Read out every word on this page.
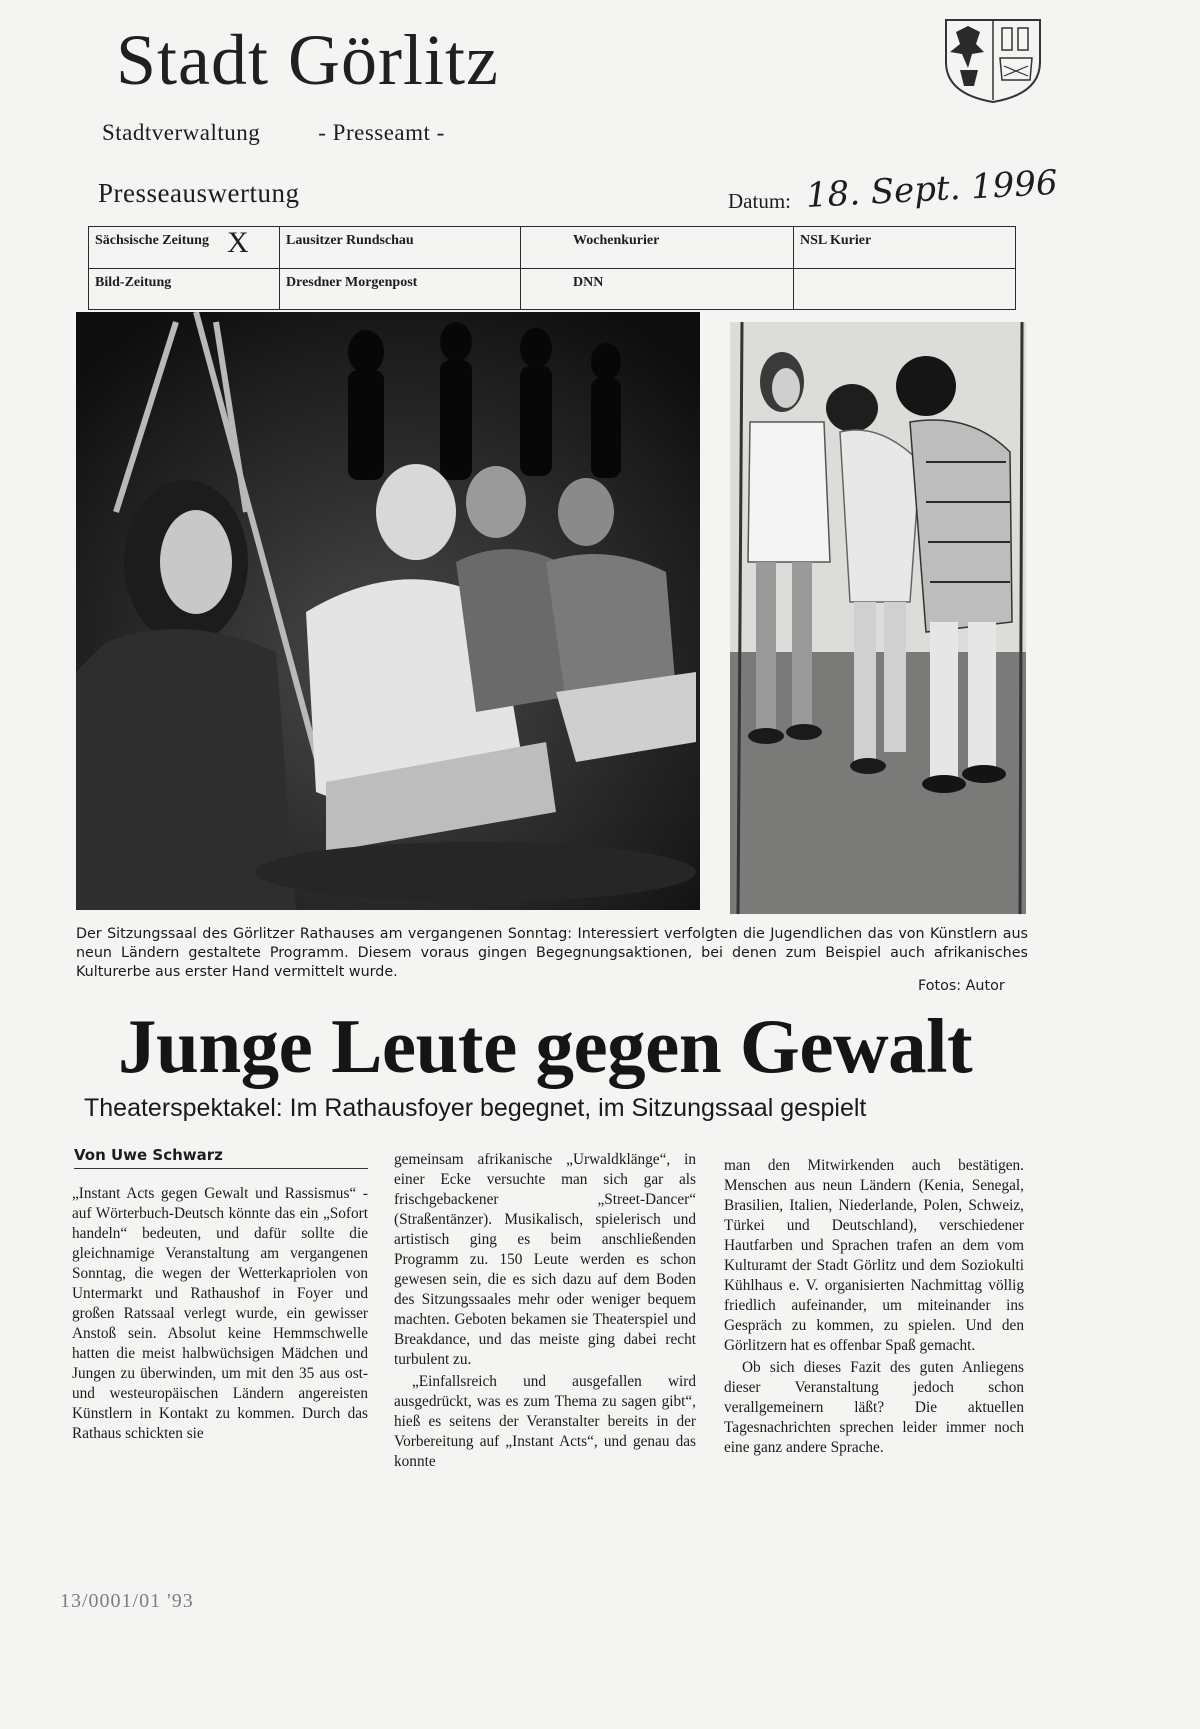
Stadt Görlitz
Stadtverwaltung	- Presseamt -
Presseauswertung	Datum: 18. Sept. 1996
Sächsische Zeitung X	Lausitzer Rundschau	Wochenkurier	NSL Kurier
Bild-Zeitung	Dresdner Morgenpost	DNN	
Der Sitzungssaal des Görlitzer Rathauses am vergangenen Sonntag: Interessiert verfolgten die Jugendlichen das von Künstlern aus neun Ländern gestaltete Programm. Diesem voraus gingen Begegnungsaktionen, bei denen zum Beispiel auch afrikanisches Kulturerbe aus erster Hand vermittelt wurde.
Fotos: Autor
Junge Leute gegen Gewalt
Theaterspektakel: Im Rathausfoyer begegnet, im Sitzungssaal gespielt
Von Uwe Schwarz

„Instant Acts gegen Gewalt und Rassismus“ - auf Wörterbuch-Deutsch könnte das ein „Sofort handeln“ bedeuten, und dafür sollte die gleichnamige Veranstaltung am vergangenen Sonntag, die wegen der Wetterkapriolen von Untermarkt und Rathaushof in Foyer und großen Ratssaal verlegt wurde, ein gewisser Anstoß sein. Absolut keine Hemmschwelle hatten die meist halbwüchsigen Mädchen und Jungen zu überwinden, um mit den 35 aus ost- und westeuropäischen Ländern angereisten Künstlern in Kontakt zu kommen. Durch das Rathaus schickten sie

gemeinsam afrikanische „Urwaldklänge“, in einer Ecke versuchte man sich gar als frischgebackener „Street-Dancer“ (Straßentänzer). Musikalisch, spielerisch und artistisch ging es beim anschließenden Programm zu. 150 Leute werden es schon gewesen sein, die es sich dazu auf dem Boden des Sitzungssaales mehr oder weniger bequem machten. Geboten bekamen sie Theaterspiel und Breakdance, und das meiste ging dabei recht turbulent zu.

„Einfallsreich und ausgefallen wird ausgedrückt, was es zum Thema zu sagen gibt“, hieß es seitens der Veranstalter bereits in der Vorbereitung auf „Instant Acts“, und genau das konnte

man den Mitwirkenden auch bestätigen. Menschen aus neun Ländern (Kenia, Senegal, Brasilien, Italien, Niederlande, Polen, Schweiz, Türkei und Deutschland), verschiedener Hautfarben und Sprachen trafen an dem vom Kulturamt der Stadt Görlitz und dem Soziokulti Kühlhaus e. V. organisierten Nachmittag völlig friedlich aufeinander, um miteinander ins Gespräch zu kommen, zu spielen. Und den Görlitzern hat es offenbar Spaß gemacht.

Ob sich dieses Fazit des guten Anliegens dieser Veranstaltung jedoch schon verallgemeinern läßt? Die aktuellen Tagesnachrichten sprechen leider immer noch eine ganz andere Sprache.

13/0001/01 '93
